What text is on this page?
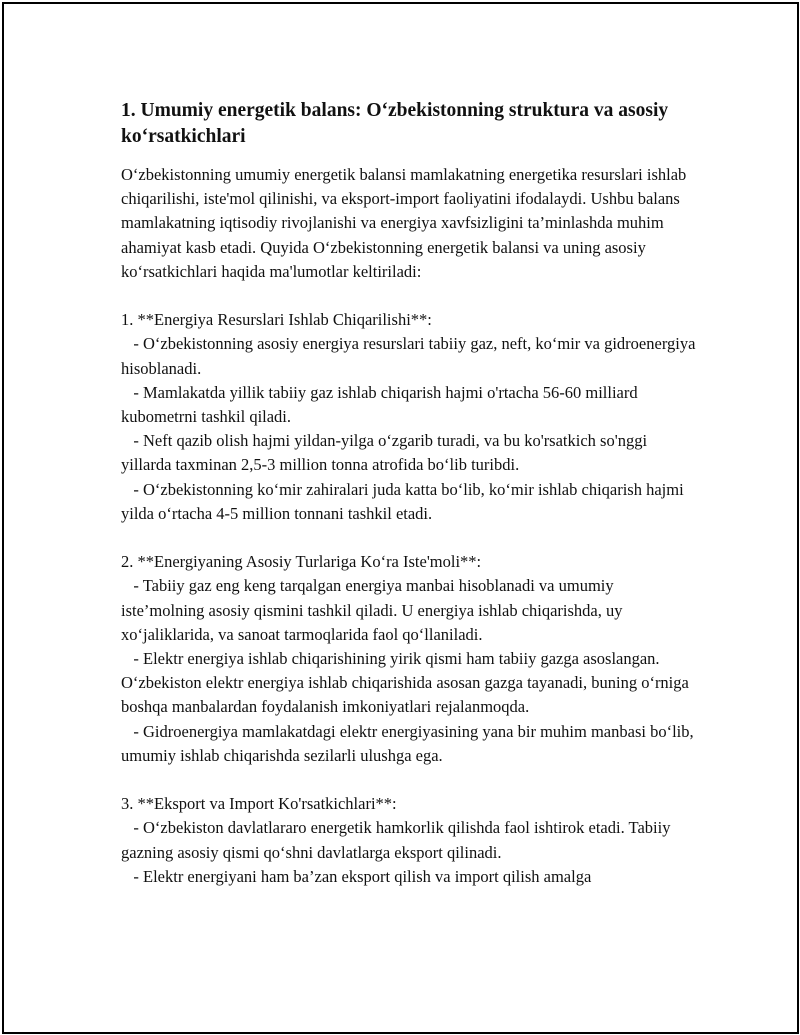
1. Umumiy energetik balans: O‘zbekistonning struktura va asosiy ko‘rsatkichlari

O‘zbekistonning umumiy energetik balansi mamlakatning energetika resurslari ishlab chiqarilishi, iste'mol qilinishi, va eksport-import faoliyatini ifodalaydi. Ushbu balans mamlakatning iqtisodiy rivojlanishi va energiya xavfsizligini ta’minlashda muhim ahamiyat kasb etadi. Quyida O‘zbekistonning energetik balansi va uning asosiy ko‘rsatkichlari haqida ma'lumotlar keltiriladi:

1. **Energiya Resurslari Ishlab Chiqarilishi**:
- O‘zbekistonning asosiy energiya resurslari tabiiy gaz, neft, ko‘mir va gidroenergiya hisoblanadi.
- Mamlakatda yillik tabiiy gaz ishlab chiqarish hajmi o'rtacha 56-60 milliard kubometrni tashkil qiladi.
- Neft qazib olish hajmi yildan-yilga o‘zgarib turadi, va bu ko'rsatkich so'nggi yillarda taxminan 2,5-3 million tonna atrofida bo‘lib turibdi.
- O‘zbekistonning ko‘mir zahiralari juda katta bo‘lib, ko‘mir ishlab chiqarish hajmi yilda o‘rtacha 4-5 million tonnani tashkil etadi.

2. **Energiyaning Asosiy Turlariga Ko‘ra Iste'moli**:
- Tabiiy gaz eng keng tarqalgan energiya manbai hisoblanadi va umumiy iste’molning asosiy qismini tashkil qiladi. U energiya ishlab chiqarishda, uy xo‘jaliklarida, va sanoat tarmoqlarida faol qo‘llaniladi.
- Elektr energiya ishlab chiqarishining yirik qismi ham tabiiy gazga asoslangan. O‘zbekiston elektr energiya ishlab chiqarishida asosan gazga tayanadi, buning o‘rniga boshqa manbalardan foydalanish imkoniyatlari rejalanmoqda.
- Gidroenergiya mamlakatdagi elektr energiyasining yana bir muhim manbasi bo‘lib, umumiy ishlab chiqarishda sezilarli ulushga ega.

3. **Eksport va Import Ko'rsatkichlari**:
- O‘zbekiston davlatlararo energetik hamkorlik qilishda faol ishtirok etadi. Tabiiy gazning asosiy qismi qo‘shni davlatlarga eksport qilinadi.
- Elektr energiyani ham ba’zan eksport qilish va import qilish amalga
